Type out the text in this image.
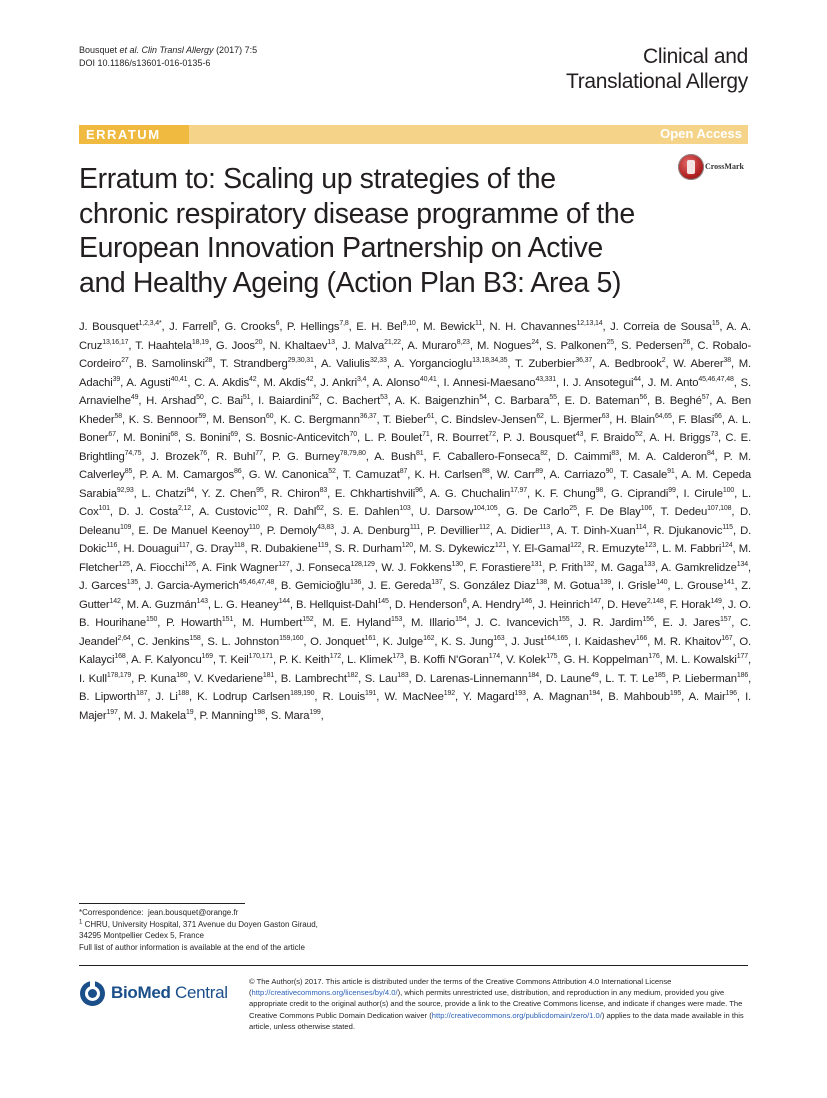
Bousquet et al. Clin Transl Allergy (2017) 7:5
DOI 10.1186/s13601-016-0135-6	Clinical and
Translational Allergy
ERRATUM	Open Access
CrossMark
Erratum to: Scaling up strategies of the
chronic respiratory disease programme of the
European Innovation Partnership on Active
and Healthy Ageing (Action Plan B3: Area 5)
J. Bousquet$^{1,2,3,4*}$, J. Farrell$^5$, G. Crooks$^6$, P. Hellings$^{7,8}$, E. H. Bel$^{9,10}$, M. Bewick$^{11}$, N. H. Chavannes$^{12,13,14}$, J. Correia de Sousa$^{15}$, A. A. Cruz$^{13,16,17}$, T. Haahtela$^{18,19}$, G. Joos$^{20}$, N. Khaltaev$^{13}$, J. Malva$^{21,22}$, A. Muraro$^{8,23}$, M. Nogues$^{24}$, S. Palkonen$^{25}$, S. Pedersen$^{26}$, C. Robalo-Cordeiro$^{27}$, B. Samolinski$^{28}$, T. Strandberg$^{29,30,31}$, A. Valiulis$^{32,33}$, A. Yorgancioglu$^{13,18,34,35}$, T. Zuberbier$^{36,37}$, A. Bedbrook$^2$, W. Aberer$^{38}$, M. Adachi$^{39}$, A. Agusti$^{40,41}$, C. A. Akdis$^{42}$, M. Akdis$^{42}$, J. Ankri$^{3,4}$, A. Alonso$^{40,41}$, I. Annesi-Maesano$^{43,331}$, I. J. Ansotegui$^{44}$, J. M. Anto$^{45,46,47,48}$, S. Arnavielhe$^{49}$, H. Arshad$^{50}$, C. Bai$^{51}$, I. Baiardini$^{52}$, C. Bachert$^{53}$, A. K. Baigenzhin$^{54}$, C. Barbara$^{55}$, E. D. Bateman$^{56}$, B. Beghé$^{57}$, A. Ben Kheder$^{58}$, K. S. Bennoor$^{59}$, M. Benson$^{60}$, K. C. Bergmann$^{36,37}$, T. Bieber$^{61}$, C. Bindslev-Jensen$^{62}$, L. Bjermer$^{63}$, H. Blain$^{64,65}$, F. Blasi$^{66}$, A. L. Boner$^{67}$, M. Bonini$^{68}$, S. Bonini$^{69}$, S. Bosnic-Anticevitch$^{70}$, L. P. Boulet$^{71}$, R. Bourret$^{72}$, P. J. Bousquet$^{43}$, F. Braido$^{52}$, A. H. Briggs$^{73}$, C. E. Brightling$^{74,75}$, J. Brozek$^{76}$, R. Buhl$^{77}$, P. G. Burney$^{78,79,80}$, A. Bush$^{81}$, F. Caballero-Fonseca$^{82}$, D. Caimmi$^{83}$, M. A. Calderon$^{84}$, P. M. Calverley$^{85}$, P. A. M. Camargos$^{86}$, G. W. Canonica$^{52}$, T. Camuzat$^{87}$, K. H. Carlsen$^{88}$, W. Carr$^{89}$, A. Carriazo$^{90}$, T. Casale$^{91}$, A. M. Cepeda Sarabia$^{92,93}$, L. Chatzi$^{94}$, Y. Z. Chen$^{95}$, R. Chiron$^{83}$, E. Chkhartishvili$^{96}$, A. G. Chuchalin$^{17,97}$, K. F. Chung$^{98}$, G. Ciprandi$^{99}$, I. Cirule$^{100}$, L. Cox$^{101}$, D. J. Costa$^{2,12}$, A. Custovic$^{102}$, R. Dahl$^{62}$, S. E. Dahlen$^{103}$, U. Darsow$^{104,105}$, G. De Carlo$^{25}$, F. De Blay$^{106}$, T. Dedeu$^{107,108}$, D. Deleanu$^{109}$, E. De Manuel Keenoy$^{110}$, P. Demoly$^{43,83}$, J. A. Denburg$^{111}$, P. Devillier$^{112}$, A. Didier$^{113}$, A. T. Dinh-Xuan$^{114}$, R. Djukanovic$^{115}$, D. Dokic$^{116}$, H. Douagui$^{117}$, G. Dray$^{118}$, R. Dubakiene$^{119}$, S. R. Durham$^{120}$, M. S. Dykewicz$^{121}$, Y. El-Gamal$^{122}$, R. Emuzyte$^{123}$, L. M. Fabbri$^{124}$, M. Fletcher$^{125}$, A. Fiocchi$^{126}$, A. Fink Wagner$^{127}$, J. Fonseca$^{128,129}$, W. J. Fokkens$^{130}$, F. Forastiere$^{131}$, P. Frith$^{132}$, M. Gaga$^{133}$, A. Gamkrelidze$^{134}$, J. Garces$^{135}$, J. Garcia-Aymerich$^{45,46,47,48}$, B. Gemicioğlu$^{136}$, J. E. Gereda$^{137}$, S. González Diaz$^{138}$, M. Gotua$^{139}$, I. Grisle$^{140}$, L. Grouse$^{141}$, Z. Gutter$^{142}$, M. A. Guzmán$^{143}$, L. G. Heaney$^{144}$, B. Hellquist-Dahl$^{145}$, D. Henderson$^6$, A. Hendry$^{146}$, J. Heinrich$^{147}$, D. Heve$^{2,148}$, F. Horak$^{149}$, J. O. B. Hourihane$^{150}$, P. Howarth$^{151}$, M. Humbert$^{152}$, M. E. Hyland$^{153}$, M. Illario$^{154}$, J. C. Ivancevich$^{155}$, J. R. Jardim$^{156}$, E. J. Jares$^{157}$, C. Jeandel$^{2,64}$, C. Jenkins$^{158}$, S. L. Johnston$^{159,160}$, O. Jonquet$^{161}$, K. Julge$^{162}$, K. S. Jung$^{163}$, J. Just$^{164,165}$, I. Kaidashev$^{166}$, M. R. Khaitov$^{167}$, O. Kalayci$^{168}$, A. F. Kalyoncu$^{169}$, T. Keil$^{170,171}$, P. K. Keith$^{172}$, L. Klimek$^{173}$, B. Koffi N'Goran$^{174}$, V. Kolek$^{175}$, G. H. Koppelman$^{176}$, M. L. Kowalski$^{177}$, I. Kull$^{178,179}$, P. Kuna$^{180}$, V. Kvedariene$^{181}$, B. Lambrecht$^{182}$, S. Lau$^{183}$, D. Larenas-Linnemann$^{184}$, D. Laune$^{49}$, L. T. T. Le$^{185}$, P. Lieberman$^{186}$, B. Lipworth$^{187}$, J. Li$^{188}$, K. Lodrup Carlsen$^{189,190}$, R. Louis$^{191}$, W. MacNee$^{192}$, Y. Magard$^{193}$, A. Magnan$^{194}$, B. Mahboub$^{195}$, A. Mair$^{196}$, I. Majer$^{197}$, M. J. Makela$^{19}$, P. Manning$^{198}$, S. Mara$^{199}$,
*Correspondence: jean.bousquet@orange.fr
$^1$ CHRU, University Hospital, 371 Avenue du Doyen Gaston Giraud,
34295 Montpellier Cedex 5, France
Full list of author information is available at the end of the article
BioMed Central
© The Author(s) 2017. This article is distributed under the terms of the Creative Commons Attribution 4.0 International License (http://creativecommons.org/licenses/by/4.0/), which permits unrestricted use, distribution, and reproduction in any medium, provided you give appropriate credit to the original author(s) and the source, provide a link to the Creative Commons license, and indicate if changes were made. The Creative Commons Public Domain Dedication waiver (http://creativecommons.org/publicdomain/zero/1.0/) applies to the data made available in this article, unless otherwise stated.
